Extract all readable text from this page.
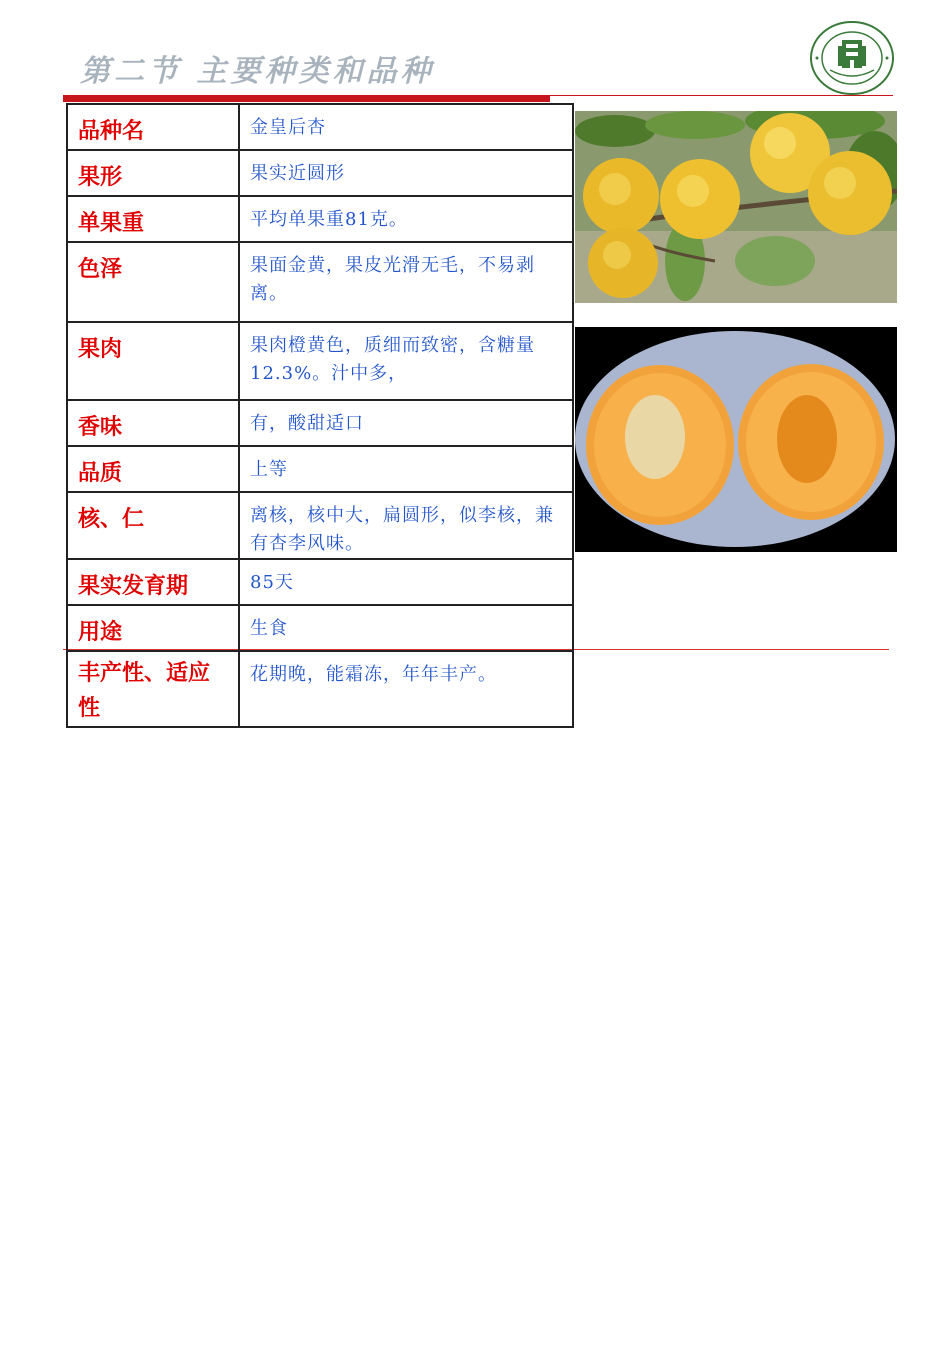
第二节 主要种类和品种
品种名	金皇后杏
果形	果实近圆形
单果重	平均单果重81克。
色泽	果面金黄，果皮光滑无毛，不易剥离。
果肉	果肉橙黄色，质细而致密，含糖量12.3%。汁中多，
香味	有，酸甜适口
品质	上等
核、仁	离核，核中大，扁圆形，似李核，兼有杏李风味。
果实发育期	85天
用途	生食
丰产性、适应性	花期晚，能霜冻，年年丰产。
